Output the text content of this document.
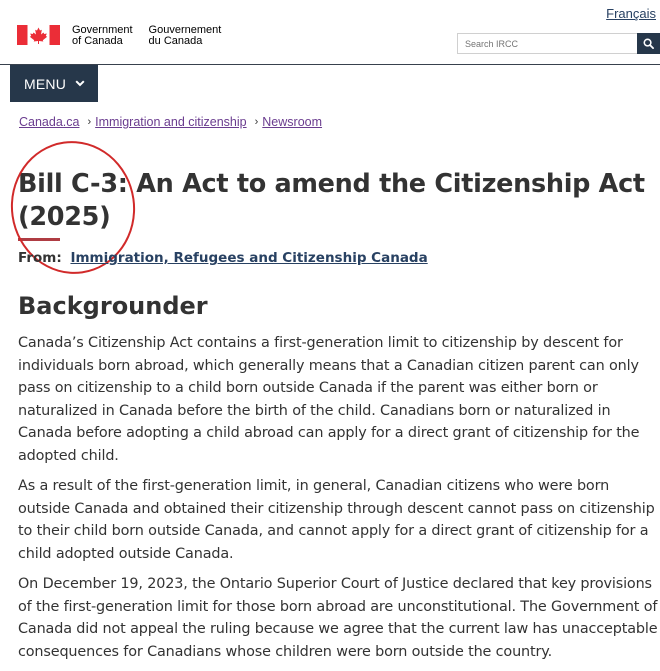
Français
Government
of Canada
Gouvernement
du Canada
Search IRCC
MENU
Canada.ca › Immigration and citizenship › Newsroom
Bill C-3: An Act to amend the Citizenship Act (2025)
From: Immigration, Refugees and Citizenship Canada
Backgrounder

Canada’s Citizenship Act contains a first-generation limit to citizenship by descent for individuals born abroad, which generally means that a Canadian citizen parent can only pass on citizenship to a child born outside Canada if the parent was either born or naturalized in Canada before the birth of the child. Canadians born or naturalized in Canada before adopting a child abroad can apply for a direct grant of citizenship for the adopted child.

As a result of the first-generation limit, in general, Canadian citizens who were born outside Canada and obtained their citizenship through descent cannot pass on citizenship to their child born outside Canada, and cannot apply for a direct grant of citizenship for a child adopted outside Canada.

On December 19, 2023, the Ontario Superior Court of Justice declared that key provisions of the first-generation limit for those born abroad are unconstitutional. The Government of Canada did not appeal the ruling because we agree that the current law has unacceptable consequences for Canadians whose children were born outside the country.
